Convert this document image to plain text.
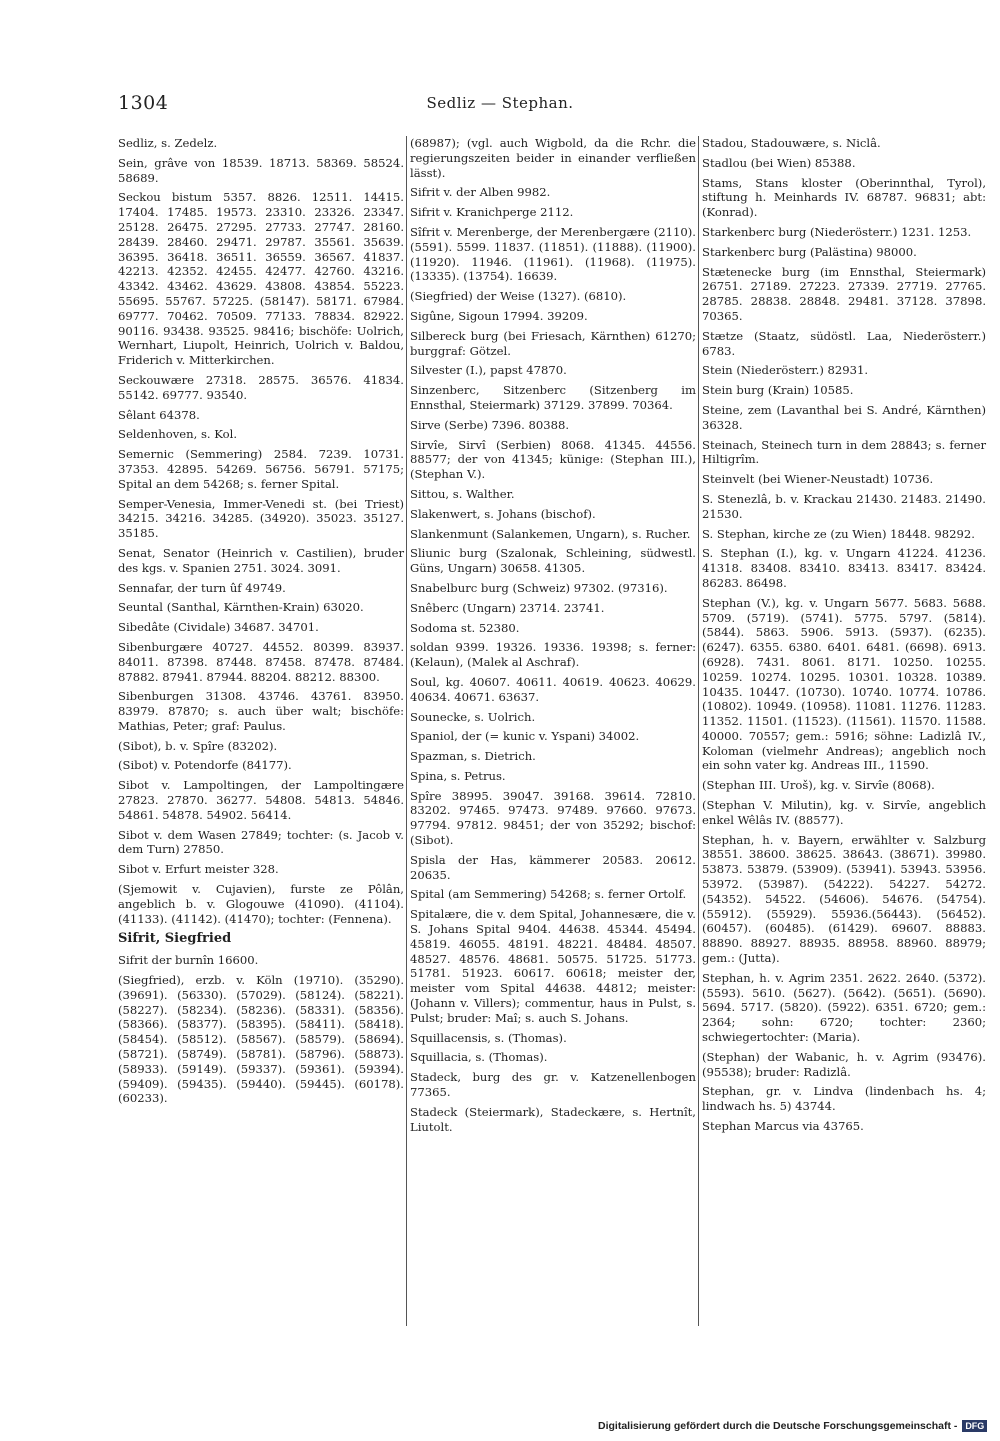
1304	Sedliz — Stephan.
Sedliz, s. Zedelz.
Sein, grâve von 18539. 18713. 58369. 58524. 58689.
Seckou bistum 5357. 8826. 12511. 14415. 17404. 17485. 19573. 23310. 23326. 23347. 25128. 26475. 27295. 27733. 27747. 28160. 28439. 28460. 29471. 29787. 35561. 35639. 36395. 36418. 36511. 36559. 36567. 41837. 42213. 42352. 42455. 42477. 42760. 43216. 43342. 43462. 43629. 43808. 43854. 55223. 55695. 55767. 57225. (58147). 58171. 67984. 69777. 70462. 70509. 77133. 78834. 82922. 90116. 93438. 93525. 98416; bischöfe: Uolrich, Wernhart, Liupolt, Heinrich, Uolrich v. Baldou, Friderich v. Mitterkirchen.
Seckouwære 27318. 28575. 36576. 41834. 55142. 69777. 93540.
Sêlant 64378.
Seldenhoven, s. Kol.
Semernic (Semmering) 2584. 7239. 10731. 37353. 42895. 54269. 56756. 56791. 57175; Spital an dem 54268; s. ferner Spital.
Semper-Venesia, Immer-Venedi st. (bei Triest) 34215. 34216. 34285. (34920). 35023. 35127. 35185.
Senat, Senator (Heinrich v. Castilien), bruder des kgs. v. Spanien 2751. 3024. 3091.
Sennafar, der turn ûf 49749.
Seuntal (Santhal, Kärnthen-Krain) 63020.
Sibedâte (Cividale) 34687. 34701.
Sibenburgære 40727. 44552. 80399. 83937. 84011. 87398. 87448. 87458. 87478. 87484. 87882. 87941. 87944. 88204. 88212. 88300.
Sibenburgen 31308. 43746. 43761. 83950. 83979. 87870; s. auch über walt; bischöfe: Mathias, Peter; graf: Paulus.
(Sibot), b. v. Spîre (83202).
(Sibot) v. Potendorfe (84177).
Sibot v. Lampoltingen, der Lampoltingære 27823. 27870. 36277. 54808. 54813. 54846. 54861. 54878. 54902. 56414.
Sibot v. dem Wasen 27849; tochter: (s. Jacob v. dem Turn) 27850.
Sibot v. Erfurt meister 328.
(Sjemowit v. Cujavien), furste ze Pôlân, angeblich b. v. Glogouwe (41090). (41104). (41133). (41142). (41470); tochter: (Fennena).
Sifrit, Siegfried
Sifrit der burnîn 16600.
(Siegfried), erzb. v. Köln (19710). (35290). (39691). (56330). (57029). (58124). (58221). (58227). (58234). (58236). (58331). (58356). (58366). (58377). (58395). (58411). (58418). (58454). (58512). (58567). (58579). (58694). (58721). (58749). (58781). (58796). (58873). (58933). (59149). (59337). (59361). (59394). (59409). (59435). (59440). (59445). (60178). (60233).
(68987); (vgl. auch Wigbold, da die Rchr. die regierungszeiten beider in einander verfließen lässt).
Sifrit v. der Alben 9982.
Sifrit v. Kranichperge 2112.
Sîfrit v. Merenberge, der Merenbergære (2110). (5591). 5599. 11837. (11851). (11888). (11900). (11920). 11946. (11961). (11968). (11975). (13335). (13754). 16639.
(Siegfried) der Weise (1327). (6810).
Sigûne, Sigoun 17994. 39209.
Silbereck burg (bei Friesach, Kärnthen) 61270; burggraf: Götzel.
Silvester (I.), papst 47870.
Sinzenberc, Sitzenberc (Sitzenberg im Ennsthal, Steiermark) 37129. 37899. 70364.
Sirve (Serbe) 7396. 80388.
Sirvîe, Sirvî (Serbien) 8068. 41345. 44556. 88577; der von 41345; künige: (Stephan III.), (Stephan V.).
Sittou, s. Walther.
Slakenwert, s. Johans (bischof).
Slankenmunt (Salankemen, Ungarn), s. Rucher.
Sliunic burg (Szalonak, Schleining, südwestl. Güns, Ungarn) 30658. 41305.
Snabelburc burg (Schweiz) 97302. (97316).
Snêberc (Ungarn) 23714. 23741.
Sodoma st. 52380.
soldan 9399. 19326. 19336. 19398; s. ferner: (Kelaun), (Malek al Aschraf).
Soul, kg. 40607. 40611. 40619. 40623. 40629. 40634. 40671. 63637.
Sounecke, s. Uolrich.
Spaniol, der (= kunic v. Yspani) 34002.
Spazman, s. Dietrich.
Spina, s. Petrus.
Spîre 38995. 39047. 39168. 39614. 72810. 83202. 97465. 97473. 97489. 97660. 97673. 97794. 97812. 98451; der von 35292; bischof: (Sibot).
Spisla der Has, kämmerer 20583. 20612. 20635.
Spital (am Semmering) 54268; s. ferner Ortolf.
Spitalære, die v. dem Spital, Johannesære, die v. S. Johans Spital 9404. 44638. 45344. 45494. 45819. 46055. 48191. 48221. 48484. 48507. 48527. 48576. 48681. 50575. 51725. 51773. 51781. 51923. 60617. 60618; meister der, meister vom Spital 44638. 44812; meister: (Johann v. Villers); commentur, haus in Pulst, s. Pulst; bruder: Maî; s. auch S. Johans.
Squillacensis, s. (Thomas).
Squillacia, s. (Thomas).
Stadeck, burg des gr. v. Katzenellenbogen 77365.
Stadeck (Steiermark), Stadeckære, s. Hertnît, Liutolt.
Stadou, Stadouwære, s. Niclâ.
Stadlou (bei Wien) 85388.
Stams, Stans kloster (Oberinnthal, Tyrol), stiftung h. Meinhards IV. 68787. 96831; abt: (Konrad).
Starkenberc burg (Niederösterr.) 1231. 1253.
Starkenberc burg (Palästina) 98000.
Stætenecke burg (im Ennsthal, Steiermark) 26751. 27189. 27223. 27339. 27719. 27765. 28785. 28838. 28848. 29481. 37128. 37898. 70365.
Stætze (Staatz, südöstl. Laa, Niederösterr.) 6783.
Stein (Niederösterr.) 82931.
Stein burg (Krain) 10585.
Steine, zem (Lavanthal bei S. André, Kärnthen) 36328.
Steinach, Steinech turn in dem 28843; s. ferner Hiltigrîm.
Steinvelt (bei Wiener-Neustadt) 10736.
S. Stenezlâ, b. v. Krackau 21430. 21483. 21490. 21530.
S. Stephan, kirche ze (zu Wien) 18448. 98292.
S. Stephan (I.), kg. v. Ungarn 41224. 41236. 41318. 83408. 83410. 83413. 83417. 83424. 86283. 86498.
Stephan (V.), kg. v. Ungarn 5677. 5683. 5688. 5709. (5719). (5741). 5775. 5797. (5814). (5844). 5863. 5906. 5913. (5937). (6235). (6247). 6355. 6380. 6401. 6481. (6698). 6913. (6928). 7431. 8061. 8171. 10250. 10255. 10259. 10274. 10295. 10301. 10328. 10389. 10435. 10447. (10730). 10740. 10774. 10786. (10802). 10949. (10958). 11081. 11276. 11283. 11352. 11501. (11523). (11561). 11570. 11588. 40000. 70557; gem.: 5916; söhne: Ladizlâ IV., Koloman (vielmehr Andreas); angeblich noch ein sohn vater kg. Andreas III., 11590.
(Stephan III. Uroš), kg. v. Sirvîe (8068).
(Stephan V. Milutin), kg. v. Sirvîe, angeblich enkel Wêlâs IV. (88577).
Stephan, h. v. Bayern, erwählter v. Salzburg 38551. 38600. 38625. 38643. (38671). 39980. 53873. 53879. (53909). (53941). 53943. 53956. 53972. (53987). (54222). 54227. 54272. (54352). 54522. (54606). 54676. (54754). (55912). (55929). 55936.(56443). (56452). (60457). (60485). (61429). 69607. 88883. 88890. 88927. 88935. 88958. 88960. 88979; gem.: (Jutta).
Stephan, h. v. Agrim 2351. 2622. 2640. (5372). (5593). 5610. (5627). (5642). (5651). (5690). 5694. 5717. (5820). (5922). 6351. 6720; gem.: 2364; sohn: 6720; tochter: 2360; schwiegertochter: (Maria).
(Stephan) der Wabanic, h. v. Agrim (93476). (95538); bruder: Radizlâ.
Stephan, gr. v. Lindva (lindenbach hs. 4; lindwach hs. 5) 43744.
Stephan Marcus via 43765.
Digitalisierung gefördert durch die Deutsche Forschungsgemeinschaft - DFG
